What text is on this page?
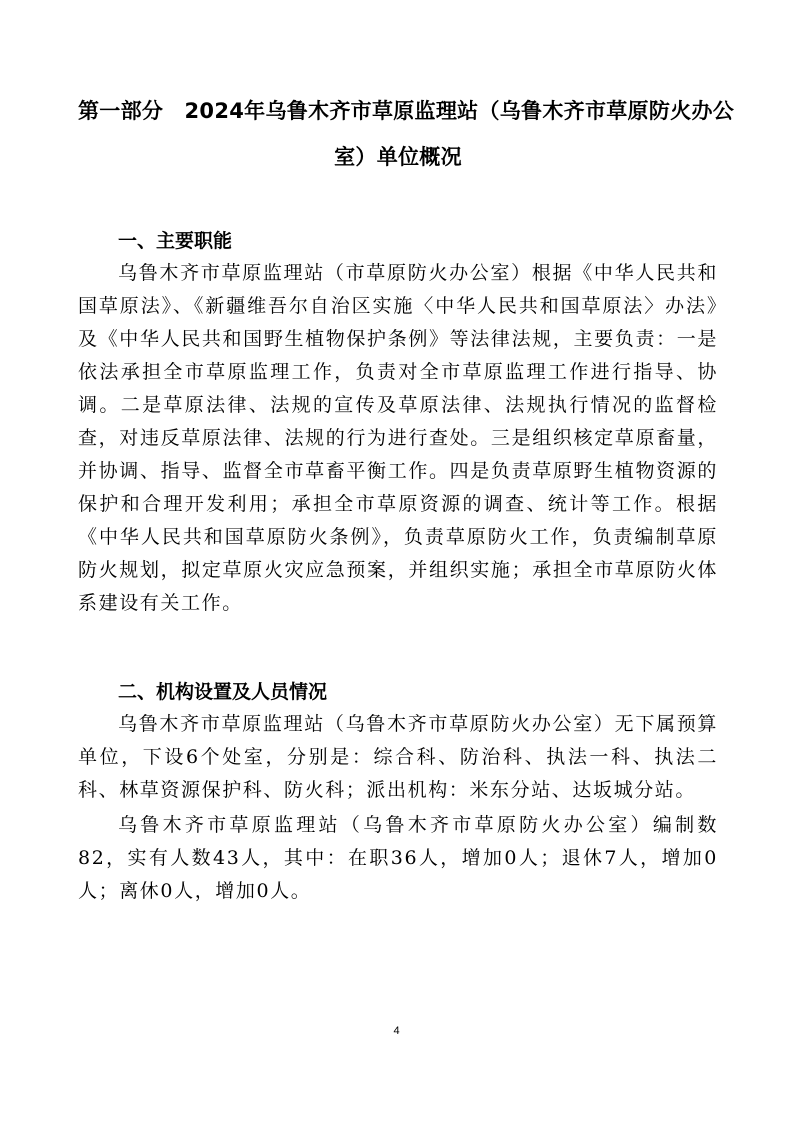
第一部分　2024年乌鲁木齐市草原监理站（乌鲁木齐市草原防火办公
室）单位概况
一、主要职能

乌鲁木齐市草原监理站（市草原防火办公室）根据《中华人民共和国草原法》、《新疆维吾尔自治区实施〈中华人民共和国草原法〉办法》及《中华人民共和国野生植物保护条例》等法律法规，主要负责：一是依法承担全市草原监理工作，负责对全市草原监理工作进行指导、协调。二是草原法律、法规的宣传及草原法律、法规执行情况的监督检查，对违反草原法律、法规的行为进行查处。三是组织核定草原畜量，并协调、指导、监督全市草畜平衡工作。四是负责草原野生植物资源的保护和合理开发利用；承担全市草原资源的调查、统计等工作。根据《中华人民共和国草原防火条例》，负责草原防火工作，负责编制草原防火规划，拟定草原火灾应急预案，并组织实施；承担全市草原防火体系建设有关工作。

二、机构设置及人员情况

乌鲁木齐市草原监理站（乌鲁木齐市草原防火办公室）无下属预算单位，下设6个处室，分别是：综合科、防治科、执法一科、执法二科、林草资源保护科、防火科；派出机构：米东分站、达坂城分站。

乌鲁木齐市草原监理站（乌鲁木齐市草原防火办公室）编制数82，实有人数43人，其中：在职36人，增加0人；退休7人，增加0人；离休0人，增加0人。

4
